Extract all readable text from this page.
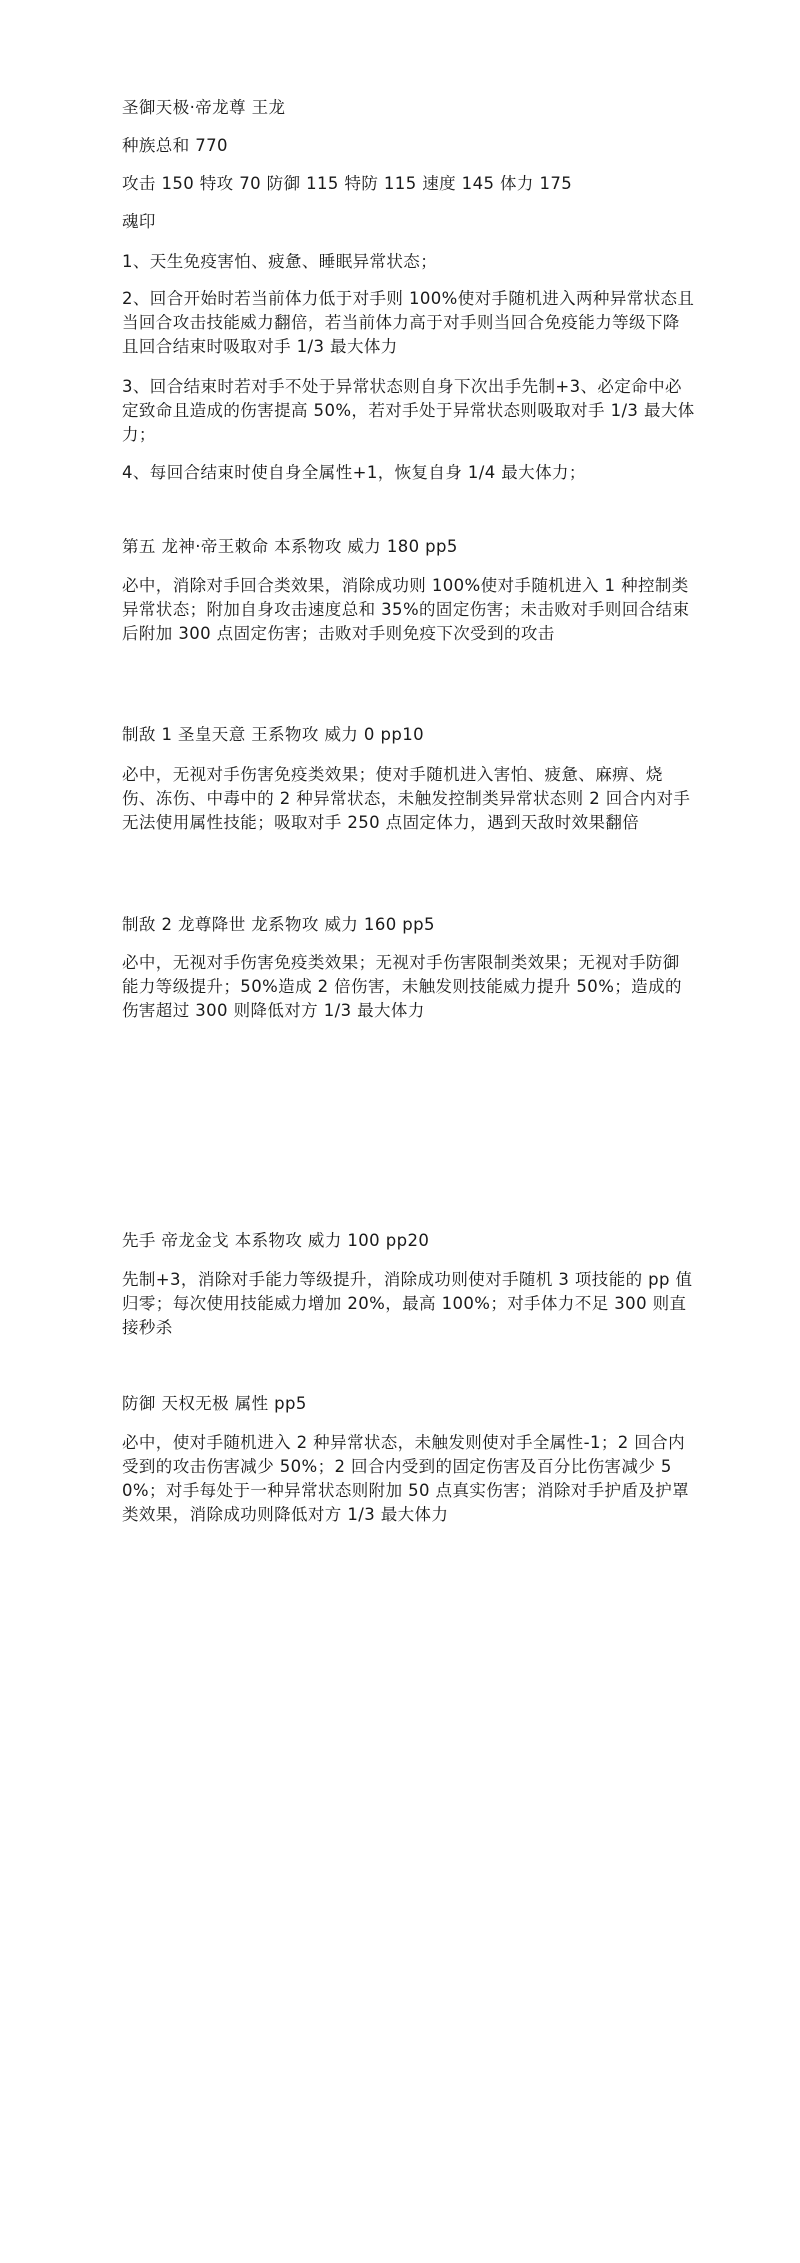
圣御天极·帝龙尊 王龙

种族总和 770

攻击 150 特攻 70 防御 115 特防 115 速度 145 体力 175

魂印

1、天生免疫害怕、疲惫、睡眠异常状态；

2、回合开始时若当前体力低于对手则 100%使对手随机进入两种异常状态且当回合攻击技能威力翻倍，若当前体力高于对手则当回合免疫能力等级下降且回合结束时吸取对手 1/3 最大体力

3、回合结束时若对手不处于异常状态则自身下次出手先制+3、必定命中必定致命且造成的伤害提高 50%，若对手处于异常状态则吸取对手 1/3 最大体力；

4、每回合结束时使自身全属性+1，恢复自身 1/4 最大体力；

第五 龙神·帝王敕命 本系物攻 威力 180 pp5

必中，消除对手回合类效果，消除成功则 100%使对手随机进入 1 种控制类异常状态；附加自身攻击速度总和 35%的固定伤害；未击败对手则回合结束后附加 300 点固定伤害；击败对手则免疫下次受到的攻击

制敌 1 圣皇天意 王系物攻 威力 0 pp10

必中，无视对手伤害免疫类效果；使对手随机进入害怕、疲惫、麻痹、烧伤、冻伤、中毒中的 2 种异常状态，未触发控制类异常状态则 2 回合内对手无法使用属性技能；吸取对手 250 点固定体力，遇到天敌时效果翻倍

制敌 2 龙尊降世 龙系物攻 威力 160 pp5

必中，无视对手伤害免疫类效果；无视对手伤害限制类效果；无视对手防御能力等级提升；50%造成 2 倍伤害，未触发则技能威力提升 50%；造成的伤害超过 300 则降低对方 1/3 最大体力

先手 帝龙金戈 本系物攻 威力 100 pp20

先制+3，消除对手能力等级提升，消除成功则使对手随机 3 项技能的 pp 值归零；每次使用技能威力增加 20%，最高 100%；对手体力不足 300 则直接秒杀

防御 天权无极 属性 pp5

必中，使对手随机进入 2 种异常状态，未触发则使对手全属性-1；2 回合内受到的攻击伤害减少 50%；2 回合内受到的固定伤害及百分比伤害减少 50%；对手每处于一种异常状态则附加 50 点真实伤害；消除对手护盾及护罩类效果，消除成功则降低对方 1/3 最大体力
